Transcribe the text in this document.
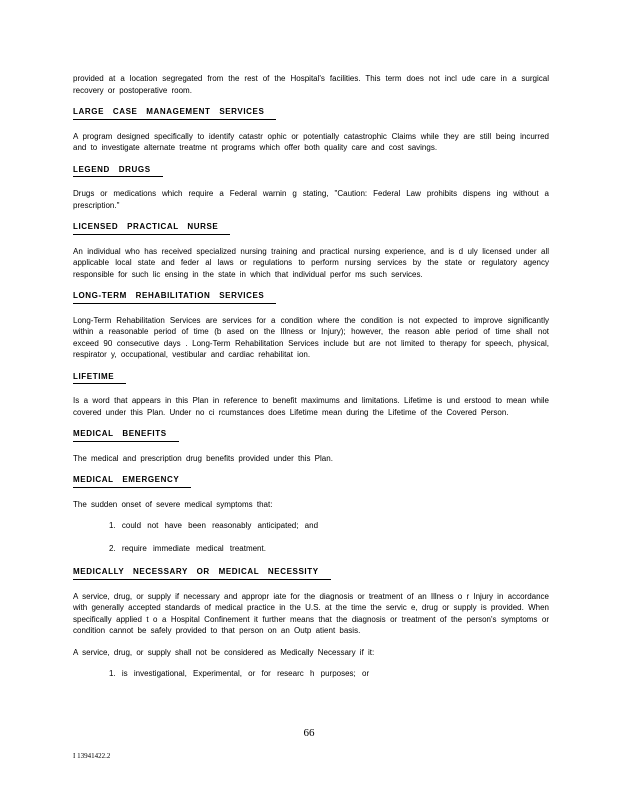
provided at a location segregated from the rest of the Hospital's facilities. This term does not incl ude care in a surgical recovery or postoperative room.

LARGE CASE MANAGEMENT SERVICES

A program designed specifically to identify catastr ophic or potentially catastrophic Claims while they are still being incurred and to investigate alternate treatme nt programs which offer both quality care and cost savings.

LEGEND DRUGS

Drugs or medications which require a Federal warnin g stating, "Caution: Federal Law prohibits dispens ing without a prescription."

LICENSED PRACTICAL NURSE

An individual who has received specialized nursing training and practical nursing experience, and is d uly licensed under all applicable local state and feder al laws or regulations to perform nursing services by the state or regulatory agency responsible for such lic ensing in the state in which that individual perfor ms such services.

LONG-TERM REHABILITATION SERVICES

Long-Term Rehabilitation Services are services for a condition where the condition is not expected to improve significantly within a reasonable period of time (b ased on the Illness or Injury); however, the reason able period of time shall not exceed 90 consecutive days . Long-Term Rehabilitation Services include but are not limited to therapy for speech, physical, respirator y, occupational, vestibular and cardiac rehabilitat ion.

LIFETIME

Is a word that appears in this Plan in reference to benefit maximums and limitations. Lifetime is und erstood to mean while covered under this Plan. Under no ci rcumstances does Lifetime mean during the Lifetime of the Covered Person.

MEDICAL BENEFITS

The medical and prescription drug benefits provided under this Plan.

MEDICAL EMERGENCY

The sudden onset of severe medical symptoms that:

1. could not have been reasonably anticipated; and
2. require immediate medical treatment.
MEDICALLY NECESSARY OR MEDICAL NECESSITY

A service, drug, or supply if necessary and appropr iate for the diagnosis or treatment of an Illness o r Injury in accordance with generally accepted standards of medical practice in the U.S. at the time the servic e, drug or supply is provided. When specifically applied t o a Hospital Confinement it further means that the diagnosis or treatment of the person's symptoms or condition cannot be safely provided to that person on an Outp atient basis.

A service, drug, or supply shall not be considered as Medically Necessary if it:

1. is investigational, Experimental, or for researc h purposes; or
66
I 13941422.2
